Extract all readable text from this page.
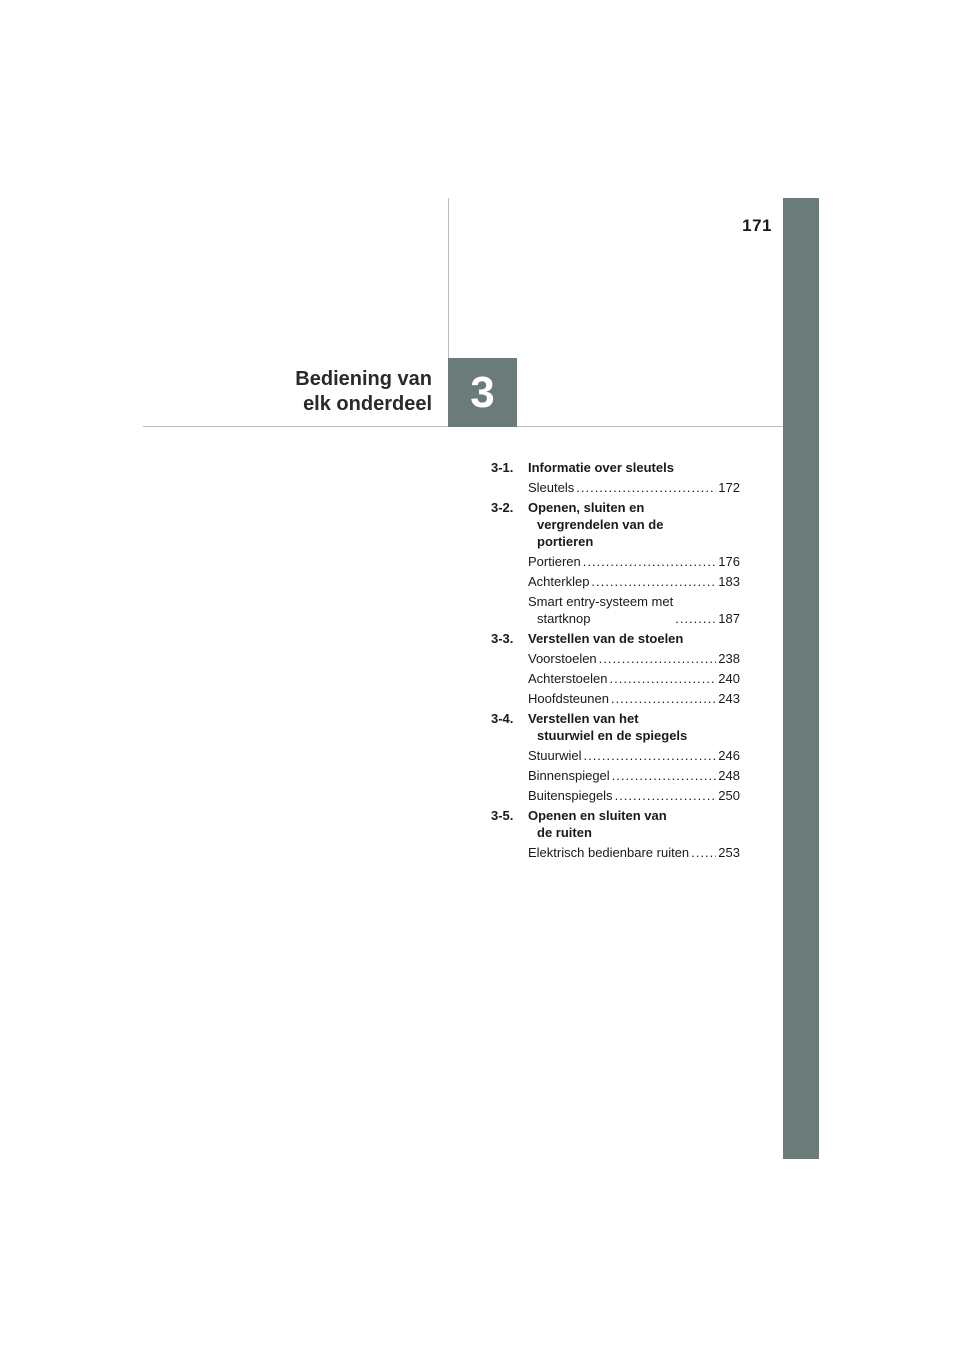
171
Bediening van
elk onderdeel 3
3-1. Informatie over sleutels
Sleutels .....	172
3-2. Openen, sluiten en
vergrendelen van de
portieren
Portieren .....	176
Achterklep .....	183
Smart entry-systeem met
startknop .....	187
3-3. Verstellen van de stoelen
Voorstoelen .....	238
Achterstoelen .....	240
Hoofdsteunen .....	243
3-4. Verstellen van het
stuurwiel en de spiegels
Stuurwiel .....	246
Binnenspiegel .....	248
Buitenspiegels .....	250
3-5. Openen en sluiten van
de ruiten
Elektrisch bedienbare ruiten ..... 253
